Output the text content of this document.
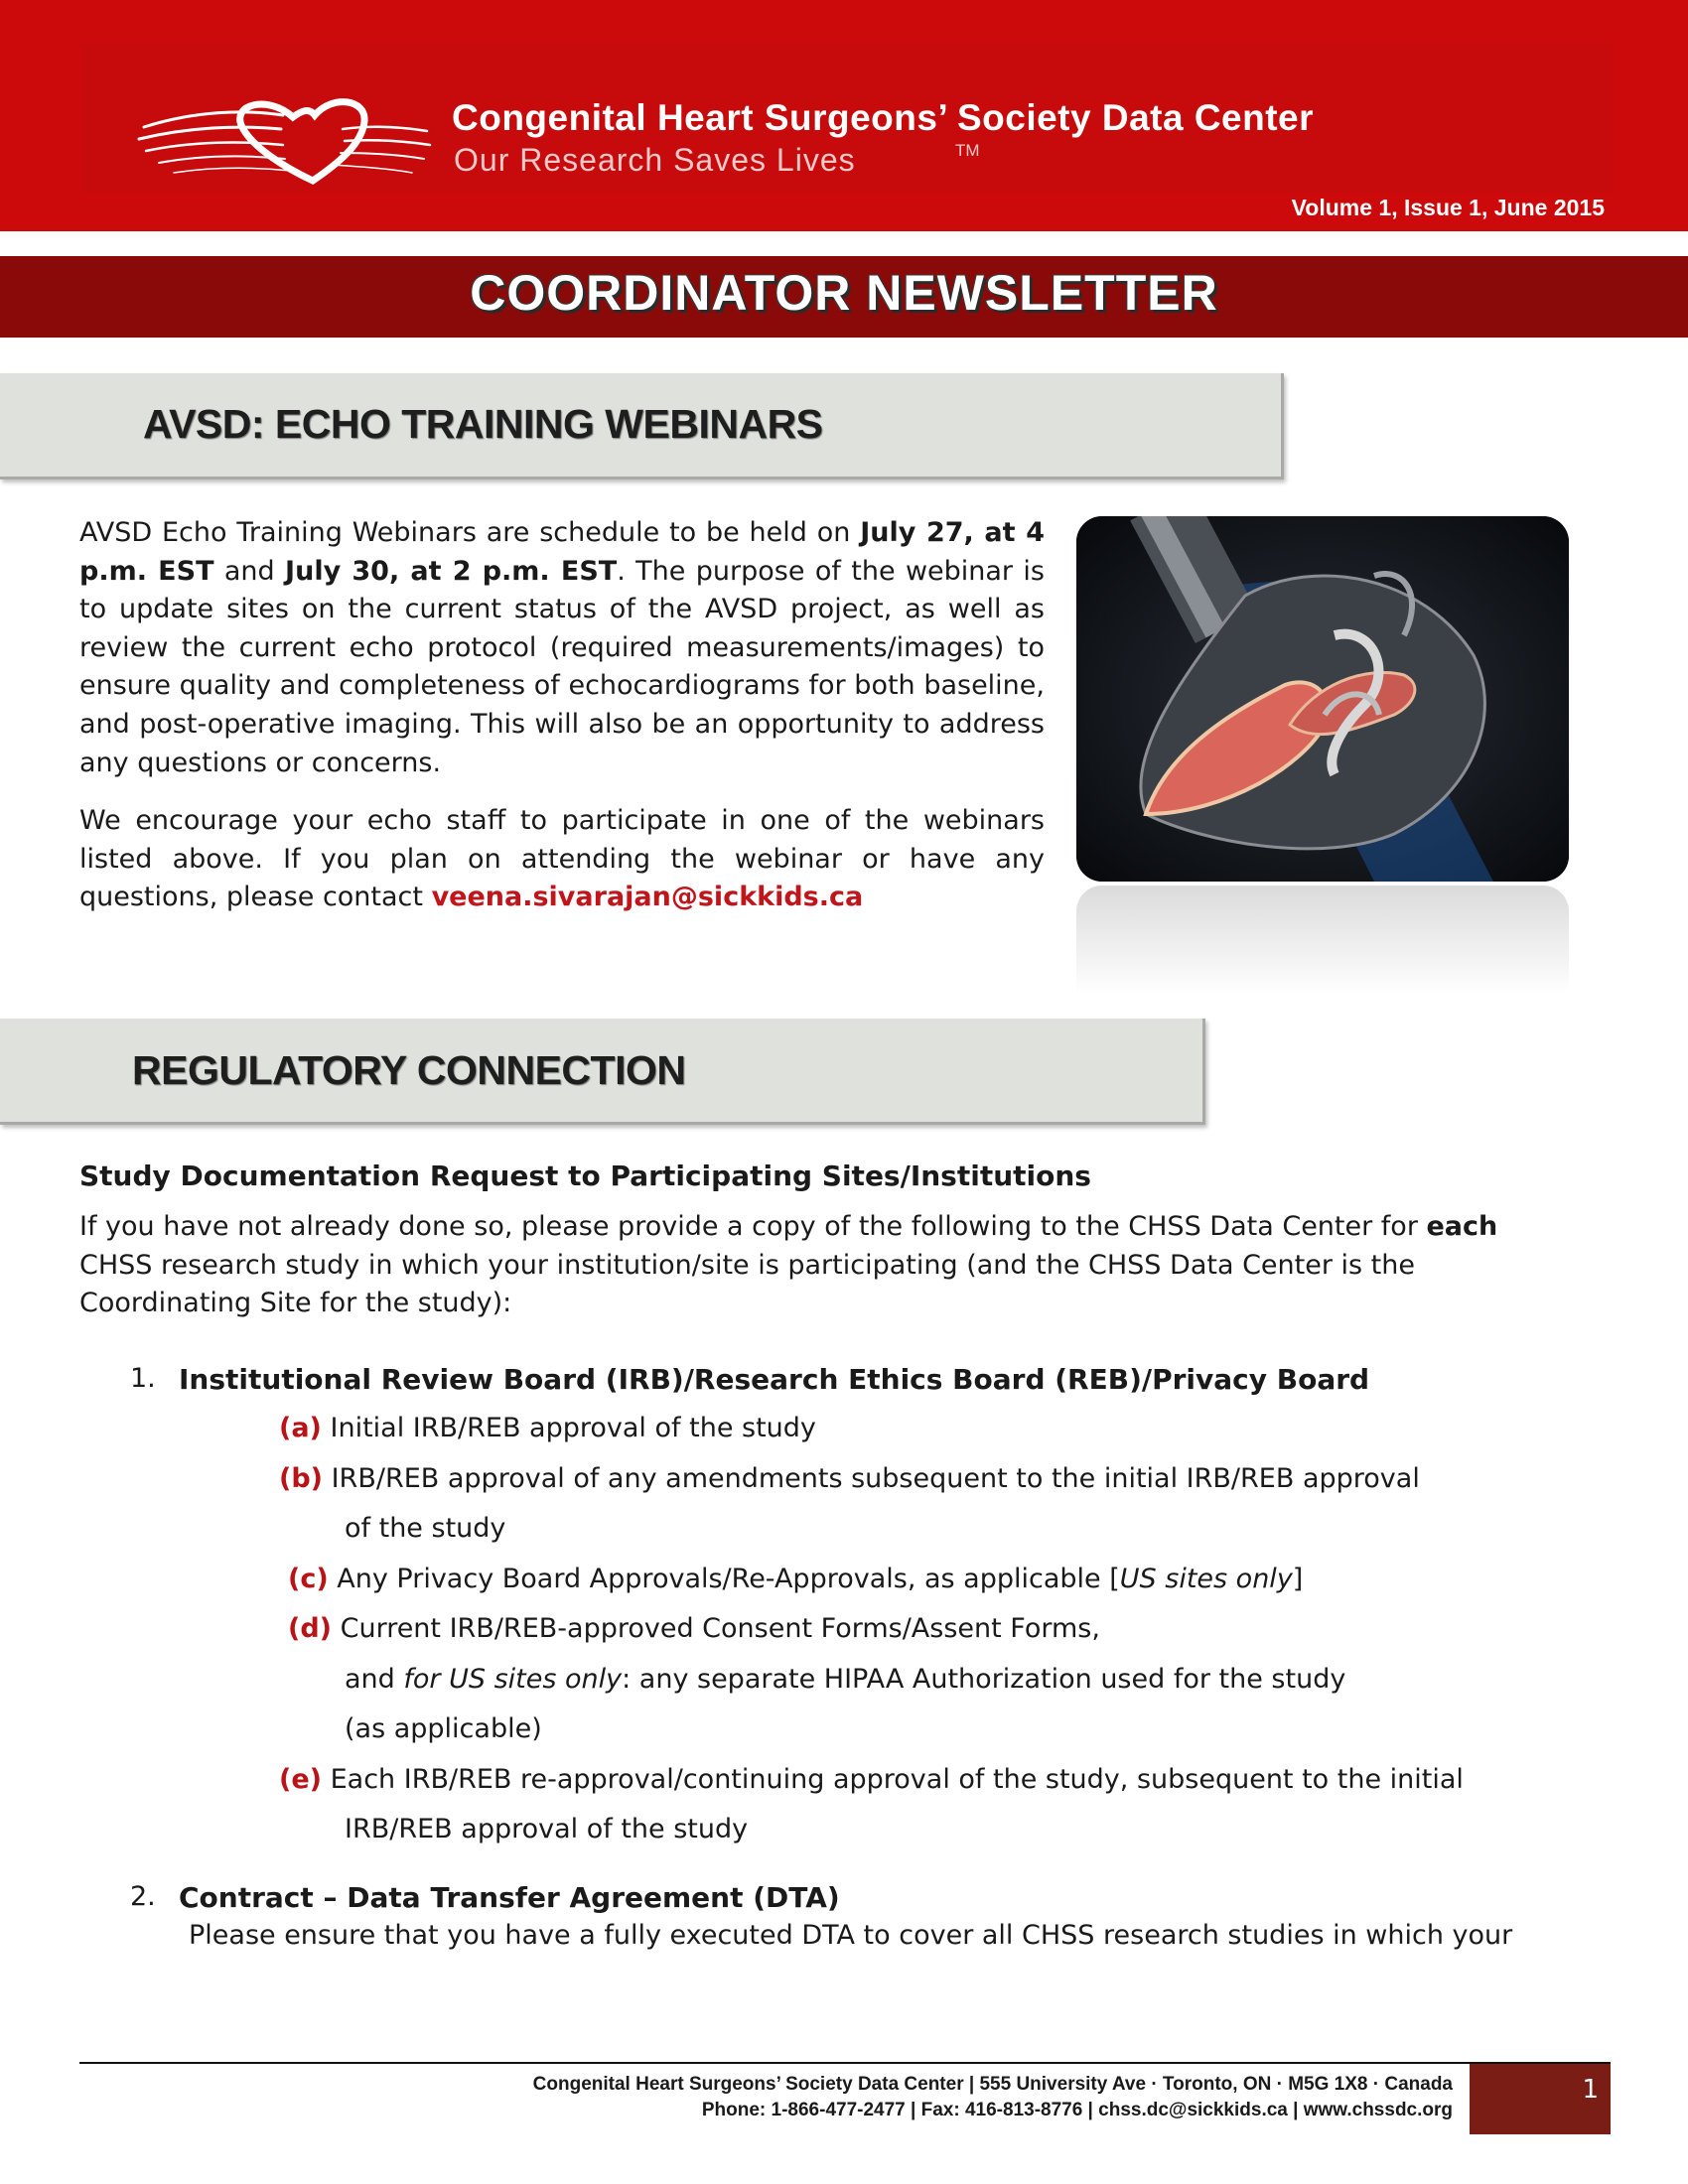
Congenital Heart Surgeons’ Society Data Center
Our Research Saves Lives	TM
Volume 1, Issue 1, June 2015
COORDINATOR NEWSLETTER
AVSD: ECHO TRAINING WEBINARS
AVSD Echo Training Webinars are schedule to be held on July 27, at 4 p.m. EST and July 30, at 2 p.m. EST. The purpose of the webinar is to update sites on the current status of the AVSD project, as well as review the current echo protocol (required measurements/images) to ensure quality and completeness of echocardiograms for both baseline, and post-operative imaging. This will also be an opportunity to address any questions or concerns.
We encourage your echo staff to participate in one of the webinars listed above. If you plan on attending the webinar or have any questions, please contact veena.sivarajan@sickkids.ca
REGULATORY CONNECTION
Study Documentation Request to Participating Sites/Institutions
If you have not already done so, please provide a copy of the following to the CHSS Data Center for each CHSS research study in which your institution/site is participating (and the CHSS Data Center is the Coordinating Site for the study):
1. Institutional Review Board (IRB)/Research Ethics Board (REB)/Privacy Board
(a) Initial IRB/REB approval of the study
(b) IRB/REB approval of any amendments subsequent to the initial IRB/REB approval
of the study
(c) Any Privacy Board Approvals/Re-Approvals, as applicable [US sites only]
(d) Current IRB/REB-approved Consent Forms/Assent Forms,
and for US sites only: any separate HIPAA Authorization used for the study
(as applicable)
(e) Each IRB/REB re-approval/continuing approval of the study, subsequent to the initial
IRB/REB approval of the study
2. Contract – Data Transfer Agreement (DTA)
Please ensure that you have a fully executed DTA to cover all CHSS research studies in which your
Congenital Heart Surgeons’ Society Data Center | 555 University Ave · Toronto, ON · M5G 1X8 · Canada
Phone: 1-866-477-2477 | Fax: 416-813-8776 | chss.dc@sickkids.ca | www.chssdc.org
1
